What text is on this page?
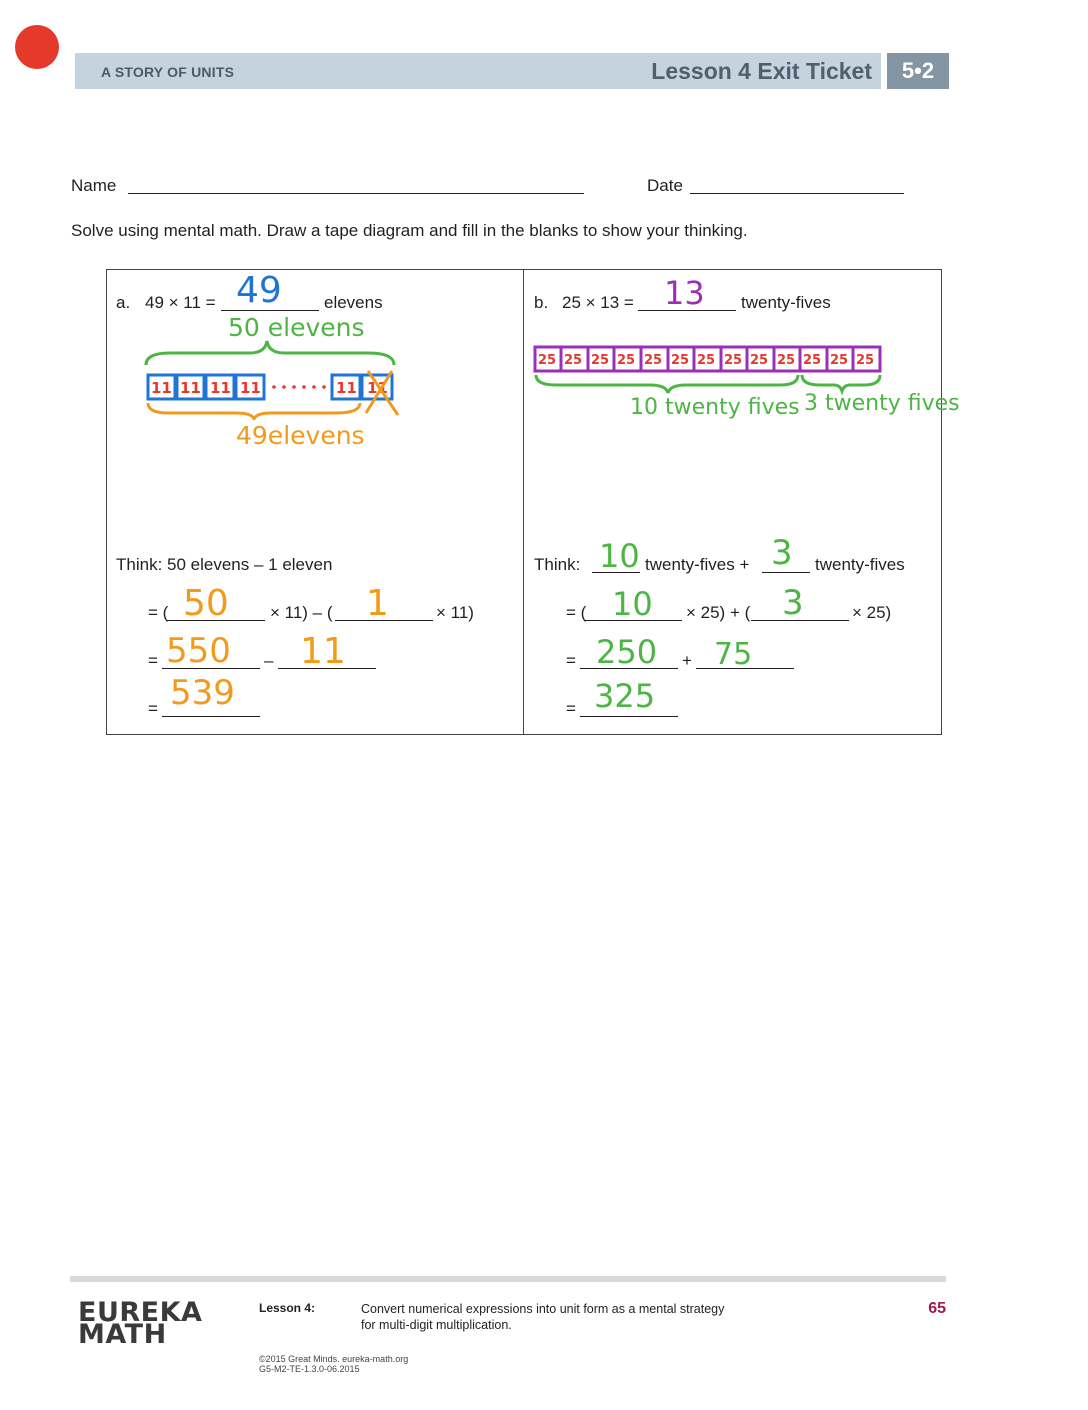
A STORY OF UNITS	Lesson 4 Exit Ticket	5•2
Name	Date
Solve using mental math. Draw a tape diagram and fill in the blanks to show your thinking.
a. 49 × 11 = 49 elevens
50 elevens
11 11 11 11	11 11
49elevens
Think: 50 elevens – 1 eleven
= ( 50 × 11) – ( 1	× 11)
= 550 – 11
= 539
b. 25 × 13 = 13 twenty-fives
25 25 25 25 25 25 25 25 25 25 25 25 25
10 twenty fives 3 twenty fives
Think: 10 twenty-fives + 3 twenty-fives
= ( 10 × 25) + ( 3	× 25)
= 250 + 75
= 325
EUREKA
MATH
Lesson 4:	Convert numerical expressions into unit form as a mental strategy
for multi-digit multiplication.
65
©2015 Great Minds. eureka-math.org
G5-M2-TE-1.3.0-06.2015
